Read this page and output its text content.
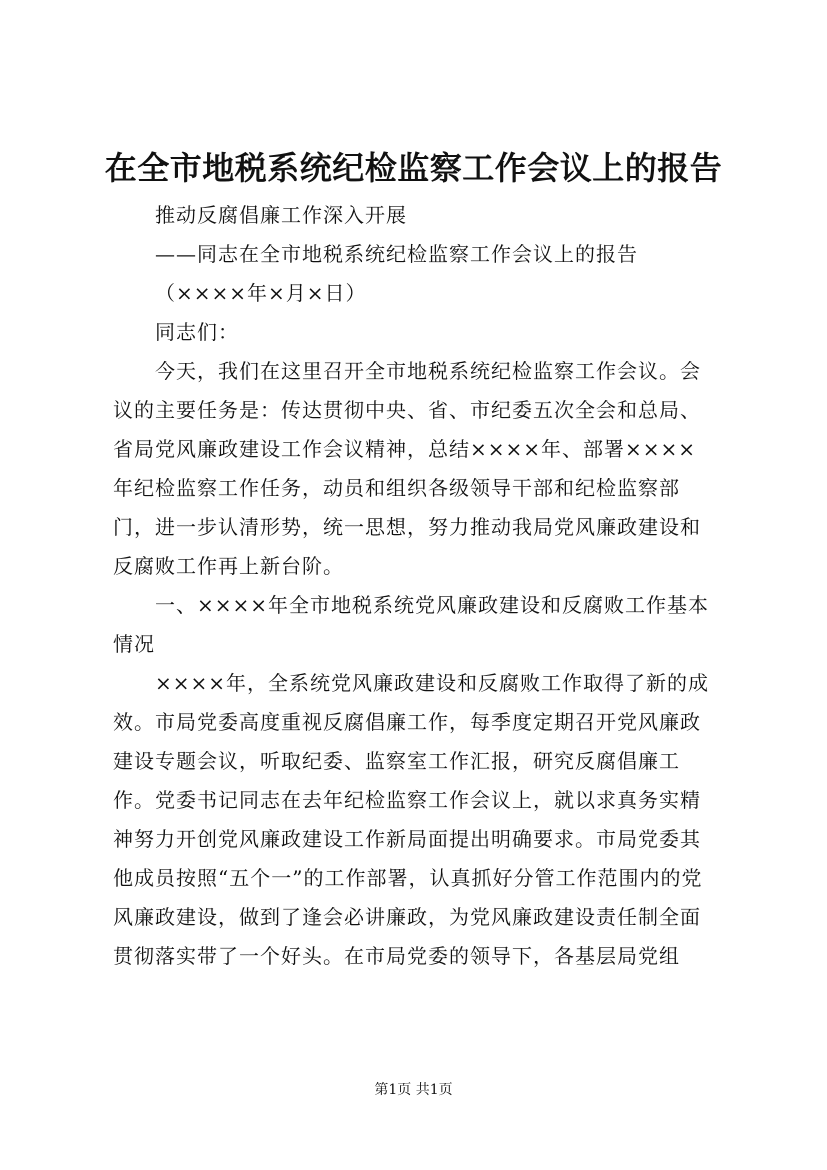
在全市地税系统纪检监察工作会议上的报告

推动反腐倡廉工作深入开展

——同志在全市地税系统纪检监察工作会议上的报告

（××××年×月×日）

同志们：

今天，我们在这里召开全市地税系统纪检监察工作会议。会议的主要任务是：传达贯彻中央、省、市纪委五次全会和总局、省局党风廉政建设工作会议精神，总结××××年、部署××××年纪检监察工作任务，动员和组织各级领导干部和纪检监察部门，进一步认清形势，统一思想，努力推动我局党风廉政建设和反腐败工作再上新台阶。

一、××××年全市地税系统党风廉政建设和反腐败工作基本情况

××××年，全系统党风廉政建设和反腐败工作取得了新的成效。市局党委高度重视反腐倡廉工作，每季度定期召开党风廉政建设专题会议，听取纪委、监察室工作汇报，研究反腐倡廉工作。党委书记同志在去年纪检监察工作会议上，就以求真务实精神努力开创党风廉政建设工作新局面提出明确要求。市局党委其他成员按照“五个一”的工作部署，认真抓好分管工作范围内的党风廉政建设，做到了逢会必讲廉政，为党风廉政建设责任制全面贯彻落实带了一个好头。在市局党委的领导下，各基层局党组

第1页 共1页
